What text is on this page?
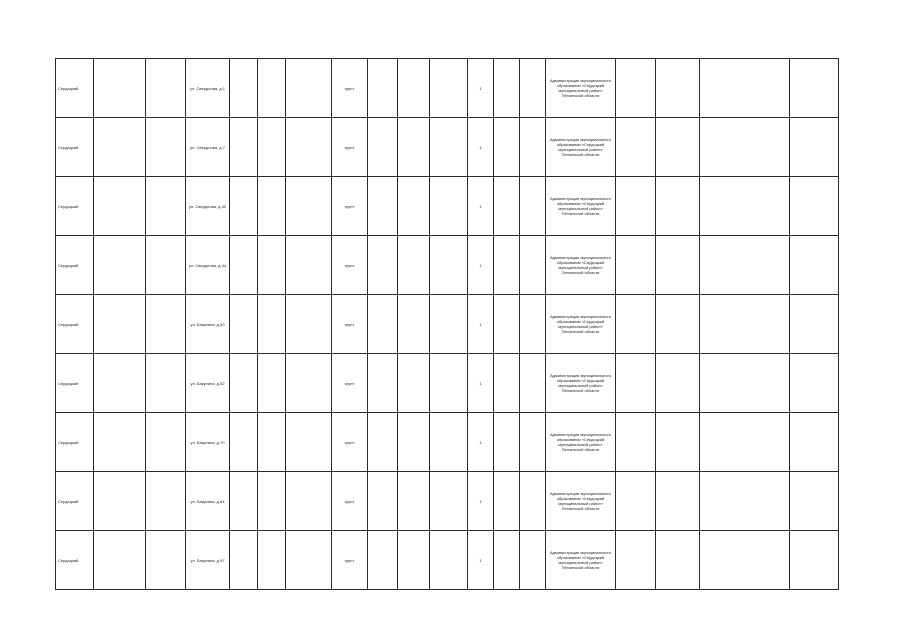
Сердоцкий			ул. Свердлова, д.1				грунт				1			Администрация муниципального образования «Сердоцкий муниципальный район» Пензенской области				
Сердоцкий			ул. Свердлова, д.7				грунт				1			Администрация муниципального образования «Сердоцкий муниципальный район» Пензенской области				
Сердоцкий			ул. Свердлова, д.40				грунт				1			Администрация муниципального образования «Сердоцкий муниципальный район» Пензенской области				
Сердоцкий			ул. Свердлова, д.44				грунт				1			Администрация муниципального образования «Сердоцкий муниципальный район» Пензенской области				
Сердоцкий			ул. Бакунина, д.40				грунт				1			Администрация муниципального образования «Сердоцкий муниципальный район» Пензенской области				
Сердоцкий			ул. Бакунина, д.52				грунт				1			Администрация муниципального образования «Сердоцкий муниципальный район» Пензенской области				
Сердоцкий			ул. Бакунина, д.70				грунт				1			Администрация муниципального образования «Сердоцкий муниципальный район» Пензенской области				
Сердоцкий			ул. Бакунина, д.84				грунт				1			Администрация муниципального образования «Сердоцкий муниципальный район» Пензенской области				
Сердоцкий			ул. Бакунина, д.97				грунт				1			Администрация муниципального образования «Сердоцкий муниципальный район» Пензенской области				
